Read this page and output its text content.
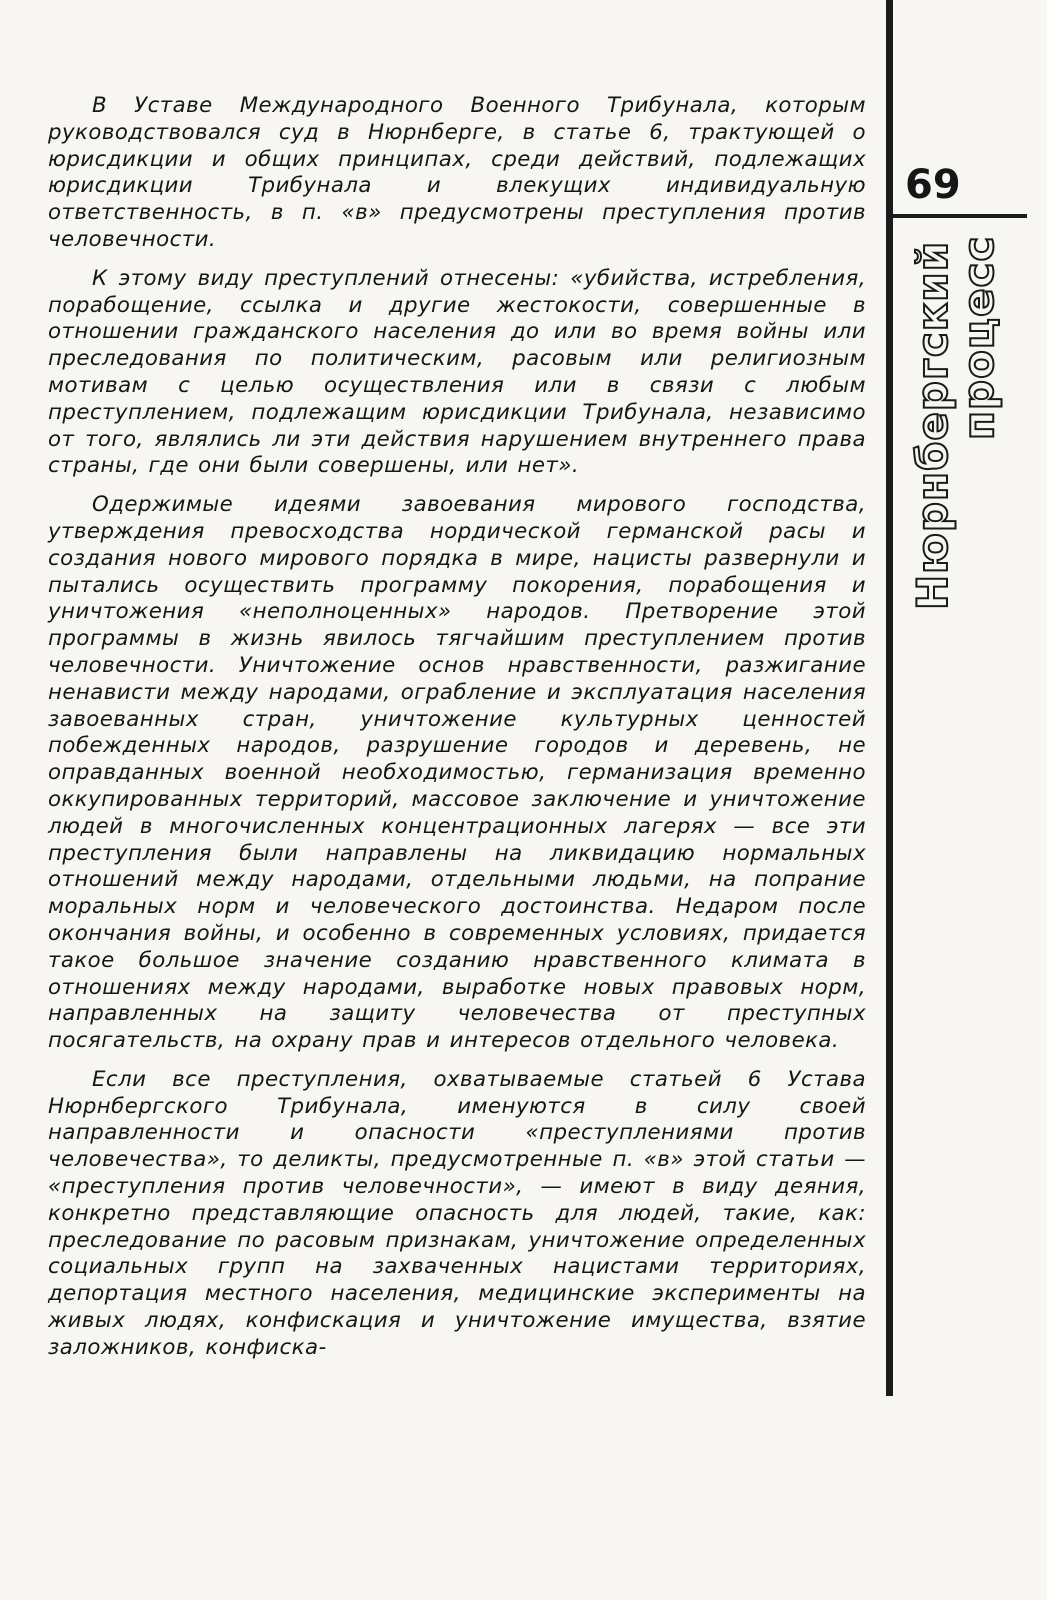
В Уставе Международного Военного Трибунала, которым руководствовался суд в Нюрнберге, в статье 6, трактующей о юрисдикции и общих принципах, среди действий, подлежащих юрисдикции Трибунала и влекущих индивидуальную ответственность, в п. «в» предусмотрены преступления против человечности.

К этому виду преступлений отнесены: «убийства, истребления, порабощение, ссылка и другие жестокости, совершенные в отношении гражданского населения до или во время войны или преследования по политическим, расовым или религиозным мотивам с целью осуществления или в связи с любым преступлением, подлежащим юрисдикции Трибунала, независимо от того, являлись ли эти действия нарушением внутреннего права страны, где они были совершены, или нет».

Одержимые идеями завоевания мирового господства, утверждения превосходства нордической германской расы и создания нового мирового порядка в мире, нацисты развернули и пытались осуществить программу покорения, порабощения и уничтожения «неполноценных» народов. Претворение этой программы в жизнь явилось тягчайшим преступлением против человечности. Уничтожение основ нравственности, разжигание ненависти между народами, ограбление и эксплуатация населения завоеванных стран, уничтожение культурных ценностей побежденных народов, разрушение городов и деревень, не оправданных военной необходимостью, германизация временно оккупированных территорий, массовое заключение и уничтожение людей в многочисленных концентрационных лагерях — все эти преступления были направлены на ликвидацию нормальных отношений между народами, отдельными людьми, на попрание моральных норм и человеческого достоинства. Недаром после окончания войны, и особенно в современных условиях, придается такое большое значение созданию нравственного климата в отношениях между народами, выработке новых правовых норм, направленных на защиту человечества от преступных посягательств, на охрану прав и интересов отдельного человека.

Если все преступления, охватываемые статьей 6 Устава Нюрнбергского Трибунала, именуются в силу своей направленности и опасности «преступлениями против человечества», то деликты, предусмотренные п. «в» этой статьи — «преступления против человечности», — имеют в виду деяния, конкретно представляющие опасность для людей, такие, как: преследование по расовым признакам, уничтожение определенных социальных групп на захваченных нацистами территориях, депортация местного населения, медицинские эксперименты на живых людях, конфискация и уничтожение имущества, взятие заложников, конфиска-

69
Нюрнбергский
процесс
